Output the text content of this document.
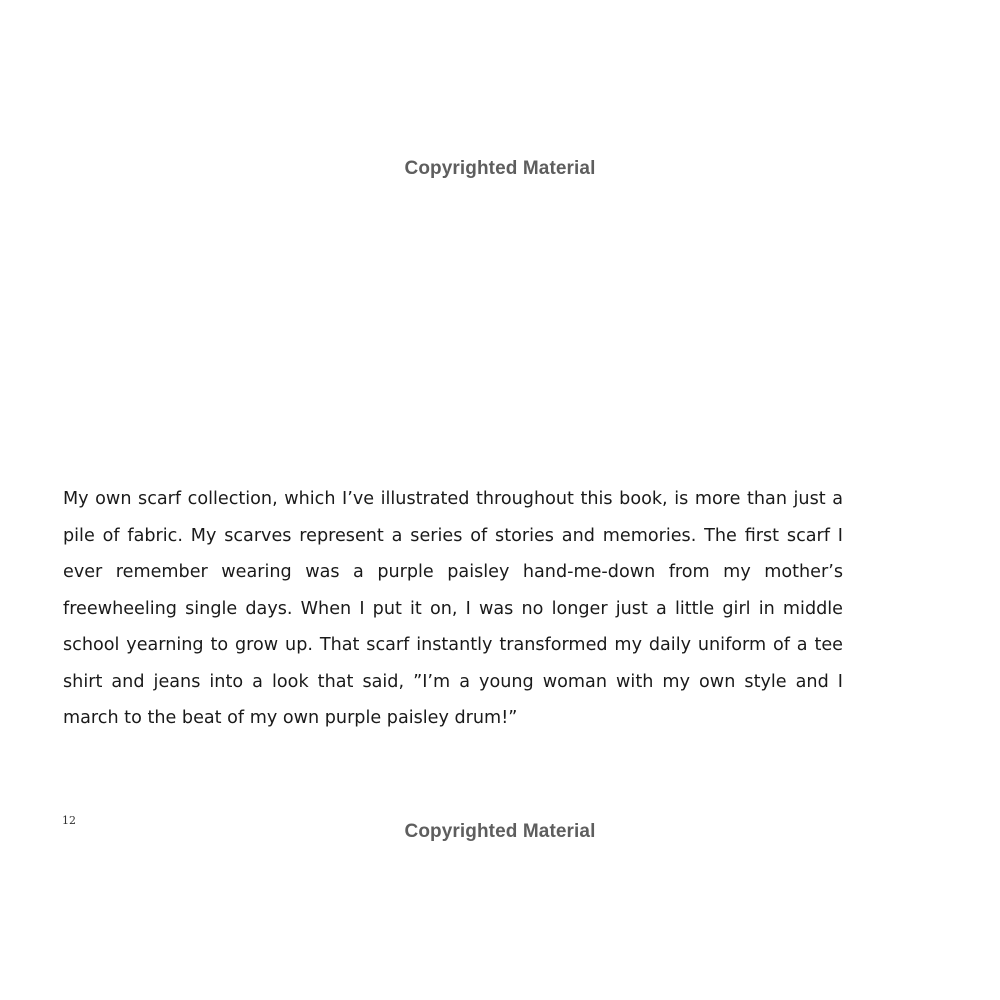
Copyrighted Material

My own scarf collection, which I’ve illustrated throughout this book, is more than just a pile of fabric. My scarves represent a series of stories and memories. The first scarf I ever remember wearing was a purple paisley hand-me-down from my mother’s freewheeling single days. When I put it on, I was no longer just a little girl in middle school yearning to grow up. That scarf instantly transformed my daily uniform of a tee shirt and jeans into a look that said, ”I’m a young woman with my own style and I march to the beat of my own purple paisley drum!”

12
Copyrighted Material
